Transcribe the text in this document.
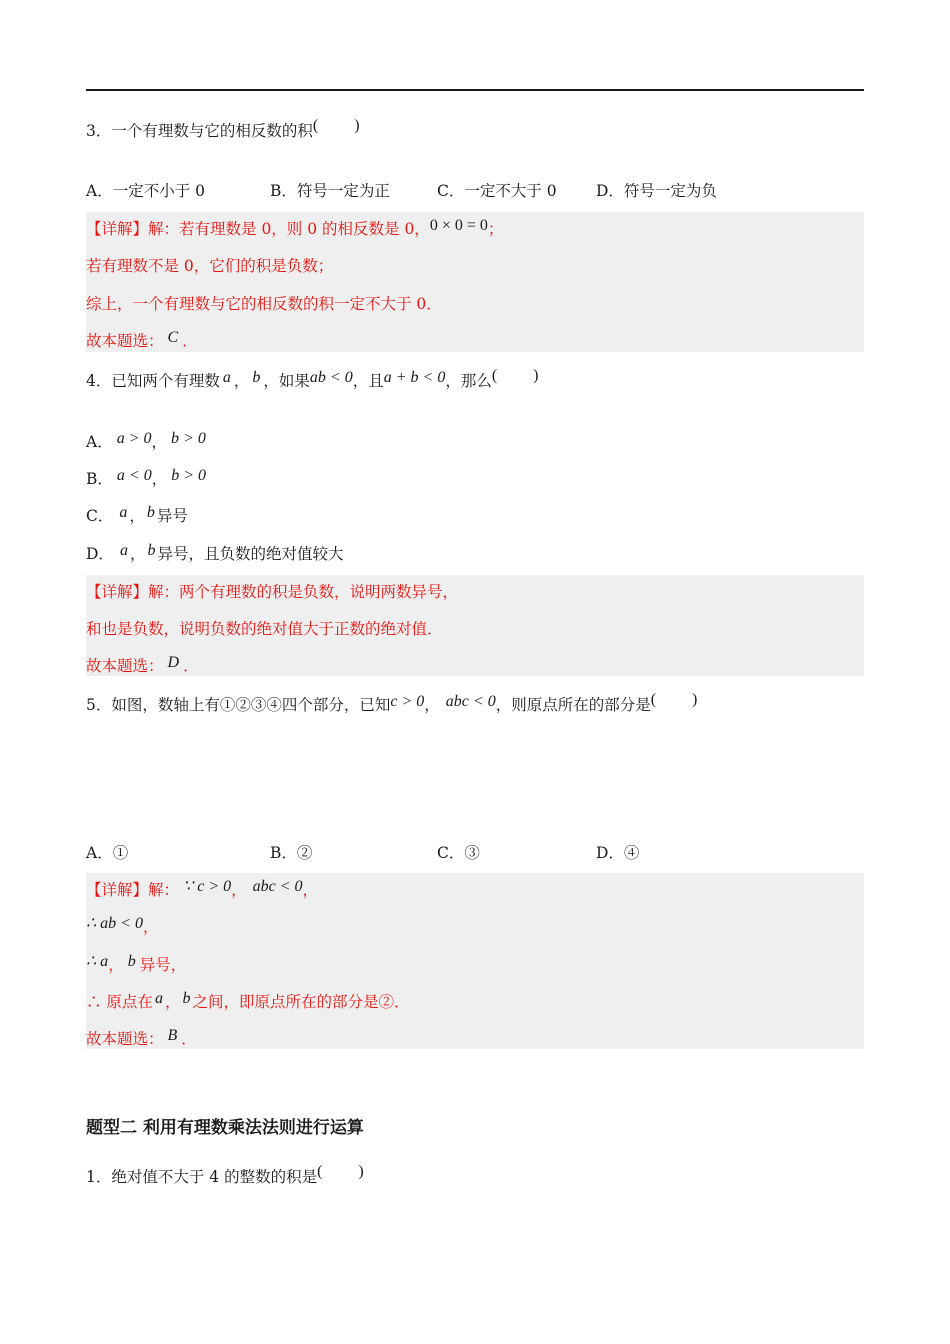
3．一个有理数与它的相反数的积( )
A．一定不小于 0	B．符号一定为正	C．一定不大于 0	D．符号一定为负
【详解】解：若有理数是 0，则 0 的相反数是 0，0 × 0 = 0；
若有理数不是 0，它们的积是负数；
综上，一个有理数与它的相反数的积一定不大于 0．
故本题选： C ．
4．已知两个有理数 a ， b ，如果ab < 0，且a + b < 0，那么( )
A． a > 0， b > 0
B． a < 0， b > 0
C． a ， b 异号
D． a ， b 异号，且负数的绝对值较大
【详解】解：两个有理数的积是负数，说明两数异号，
和也是负数，说明负数的绝对值大于正数的绝对值．
故本题选： D ．
5．如图，数轴上有①②③④四个部分，已知c > 0， abc < 0，则原点所在的部分是( )
A．①	B．②	C．③	D．④
【详解】解： ∵ c > 0， abc < 0，
∴ ab < 0，
∴ a， b 异号，
∴ 原点在 a ， b 之间，即原点所在的部分是②．
故本题选： B ．
题型二 利用有理数乘法法则进行运算
1．绝对值不大于 4 的整数的积是( )
